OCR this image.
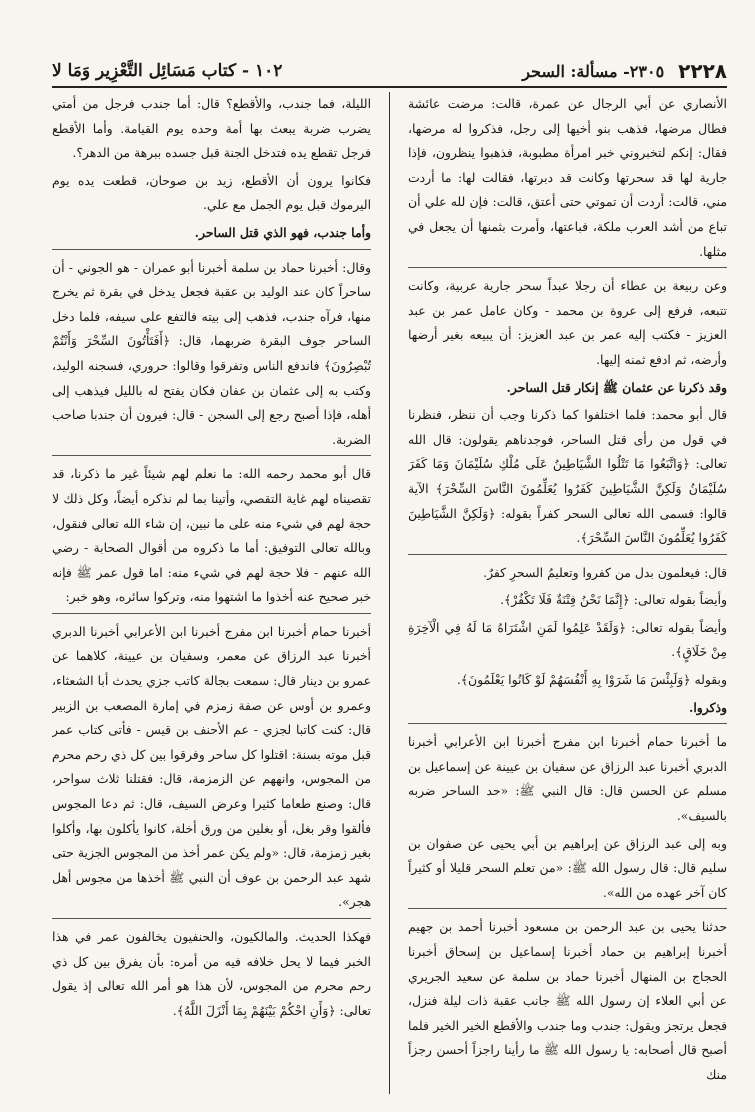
١٠٢ - كتاب مَسَائِل التَّعْزِير وَمَا لا	٢٣٠٥- مسألة: السحر ٢٢٢٨

الليلة، فما جندب، والأقطع؟ قال: أما جندب فرجل من أمتي يضرب ضربة يبعث بها أمة وحده يوم القيامة. وأما الأقطع فرجل تقطع يده فتدخل الجنة قبل جسده ببرهة من الدهر؟.

فكانوا يرون أن الأقطع، زيد بن صوحان، قطعت يده يوم اليرموك قبل يوم الجمل مع علي.

وأما جندب، فهو الذي قتل الساحر.

وقال: أخبرنا حماد بن سلمة أخبرنا أبو عمران - هو الجوني - أن ساحراً كان عند الوليد بن عقبة فجعل يدخل في بقرة ثم يخرج منها، فرآه جندب، فذهب إلى بيته فالتفع على سيفه، فلما دخل الساحر جوف البقرة ضربهما، قال: ﴿أَفَتَأْتُونَ السِّحْرَ وَأَنْتُمْ تُبْصِرُونَ﴾ فاندفع الناس وتفرقوا وقالوا: حروري، فسجنه الوليد، وكتب به إلى عثمان بن عفان فكان يفتح له بالليل فيذهب إلى أهله، فإذا أصبح رجع إلى السجن - قال: فيرون أن جندبا صاحب الضربة.

قال أبو محمد رحمه الله: ما نعلم لهم شيئاً غير ما ذكرنا، قد تقصيناه لهم غاية التقصي، وأتينا بما لم نذكره أيضاً، وكل ذلك لا حجة لهم في شيء منه على ما نبين، إن شاء الله تعالى فنقول، وبالله تعالى التوفيق: أما ما ذكروه من أقوال الصحابة - رضي الله عنهم - فلا حجة لهم في شيء منه: اما قول عمر ﷺ فإنه خبر صحيح عنه أخذوا ما اشتهوا منه، وتركوا سائره، وهو خبر:

أخبرنا حمام أخبرنا ابن مفرج أخبرنا ابن الأعرابي أخبرنا الدبري أخبرنا عبد الرزاق عن معمر، وسفيان بن عيينة، كلاهما عن عمرو بن دينار قال: سمعت بجالة كاتب جزي يحدث أبا الشعثاء، وعمرو بن أوس عن صفة زمزم في إمارة المصعب بن الزبير قال: كنت كاتبا لجزي - عم الأحنف بن قيس - فأتى كتاب عمر قبل موته بسنة: اقتلوا كل ساحر وفرقوا بين كل ذي رحم محرم من المجوس، وانههم عن الزمزمة، قال: فقتلنا ثلاث سواحر، قال: وصنع طعاما كثيرا وعرض السيف، قال: ثم دعا المجوس فألقوا وقر بغل، أو بغلين من ورق أخلة، كانوا يأكلون بها، وأكلوا بغير زمزمة، قال: «ولم يكن عمر أخذ من المجوس الجزية حتى شهد عبد الرحمن بن عوف أن النبي ﷺ أخذها من مجوس أهل هجر».

فهكذا الحديث. والمالكيون، والحنفيون يخالفون عمر في هذا الخبر فيما لا يحل خلافه فيه من أمره: بأن يفرق بين كل ذي رحم محرم من المجوس، لأن هذا هو أمر الله تعالى إذ يقول تعالى: ﴿وَأَنِ احْكُمْ بَيْنَهُمْ بِمَا أَنْزَلَ اللَّهُ﴾.

الأنصاري عن أبي الرجال عن عمرة، قالت: مرضت عائشة فطال مرضها، فذهب بنو أخيها إلى رجل، فذكروا له مرضها، فقال: إنكم لتخبروني خبر امرأة مطبوبة، فذهبوا ينظرون، فإذا جارية لها قد سحرتها وكانت قد دبرتها، فقالت لها: ما أردت مني، قالت: أردت أن تموتي حتى أعتق، قالت: فإن لله علي أن تباع من أشد العرب ملكة، فباعتها، وأمرت بثمنها أن يجعل في مثلها.

وعن ربيعة بن عطاء أن رجلا عبداً سحر جارية عربية، وكانت تتبعه، فرفع إلى عروة بن محمد - وكان عامل عمر بن عبد العزيز - فكتب إليه عمر بن عبد العزيز: أن يبيعه بغير أرضها وأرضه، ثم ادفع ثمنه إليها.

وقد ذكرنا عن عثمان ﷺ إنكار قتل الساحر.

قال أبو محمد: فلما اختلفوا كما ذكرنا وجب أن ننظر، فنظرنا في قول من رأى قتل الساحر، فوجدناهم يقولون: قال الله تعالى: ﴿وَاتَّبَعُوا مَا تَتْلُوا الشَّيَاطِينُ عَلَى مُلْكِ سُلَيْمَانَ وَمَا كَفَرَ سُلَيْمَانُ وَلَكِنَّ الشَّيَاطِينَ كَفَرُوا يُعَلِّمُونَ النَّاسَ السِّحْرَ﴾ الآية قالوا: فسمى الله تعالى السحر كفراً بقوله: ﴿وَلَكِنَّ الشَّيَاطِينَ كَفَرُوا يُعَلِّمُونَ النَّاسَ السِّحْرَ﴾.

قال: فيعلمون بدل من كفروا وتعليمُ السحرِ كفرٌ.

وأيضاً بقوله تعالى: ﴿إِنَّمَا نَحْنُ فِتْنَةٌ فَلَا تَكْفُرْ﴾.

وأيضاً بقوله تعالى: ﴿وَلَقَدْ عَلِمُوا لَمَنِ اشْتَرَاهُ مَا لَهُ فِي الْآخِرَةِ مِنْ خَلَاقٍ﴾.

وبقوله ﴿وَلَبِئْسَ مَا شَرَوْا بِهِ أَنْفُسَهُمْ لَوْ كَانُوا يَعْلَمُونَ﴾.

وذكروا.

ما أخبرنا حمام أخبرنا ابن مفرج أخبرنا ابن الأعرابي أخبرنا الدبري أخبرنا عبد الرزاق عن سفيان بن عيينة عن إسماعيل بن مسلم عن الحسن قال: قال النبي ﷺ: «حد الساحر ضربه بالسيف».

وبه إلى عبد الرزاق عن إبراهيم بن أبي يحيى عن صفوان بن سليم قال: قال رسول الله ﷺ: «من تعلم السحر قليلا أو كثيراً كان آخر عهده من الله».

حدثنا يحيى بن عبد الرحمن بن مسعود أخبرنا أحمد بن جهيم أخبرنا إبراهيم بن حماد أخبرنا إسماعيل بن إسحاق أخبرنا الحجاج بن المنهال أخبرنا حماد بن سلمة عن سعيد الجريري عن أبي العلاء إن رسول الله ﷺ جانب عقبة ذات ليلة فنزل، فجعل يرتجز ويقول: جندب وما جندب والأقطع الخير الخير فلما أصبح قال أصحابه: يا رسول الله ﷺ ما رأينا راجزاً أحسن رجزاً منك
